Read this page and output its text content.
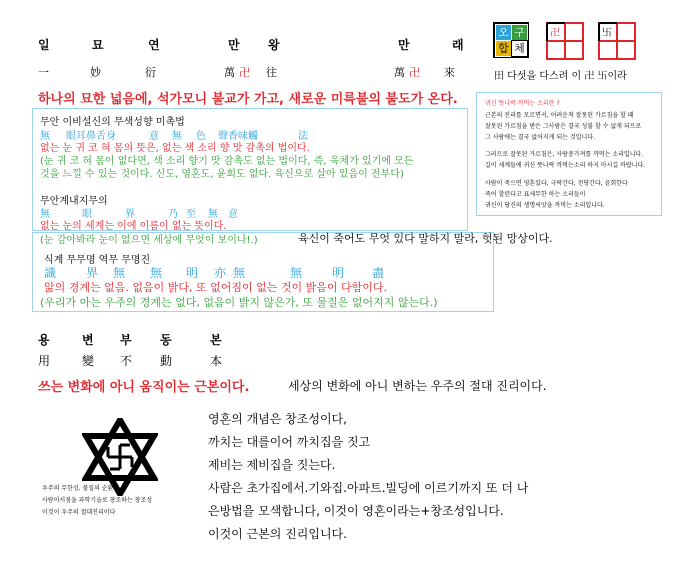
일	묘	연	만 왕	만	래
一	妙	衍	萬 卍 往	萬 卍 來
오 구
합 체
卍	卐
田 다섯을 다스려 이 卍 卐이라
하나의 묘한 넓음에, 석가모니 불교가 가고, 새로운 미륵불의 불도가 온다.
무안 이비설신의 무색성향 미촉법
無 眼耳鼻舌身	意 無 色 聲香味觸	法
없는 눈 귀 코 혀 몸의 뜻은, 없는 색 소리 향 맛 감촉의 법이다.
(눈 귀 코 혀 몸이 없다면, 색 소리 향기 맛 감촉도 없는 법이다, 즉, 육체가 있기에 모든
것을 느낄 수 있는 것이다. 신도, 영혼도, 윤회도 없다. 육신으로 살아 있음이 전부다)
무안계내지무의
無	眼	界	乃 至 無 意
없는 눈의 세계는 이에 이름이 없는 뜻이다.
(눈 감아봐라 눈이 없으면 세상에 무엇이 보이나!.)	육신이 죽어도 무엇 있다 말하지 말라, 헛된 망상이다.
식계 무무명 역무 무명진
識 界 無 無 明 亦 無	無 明 盡
앎의 경계는 없음. 없음이 밝다, 또 없어짐이 없는 것이 밝음이 다함이다.
(우리가 아는 우주의 경계는 없다, 없음이 밝지 않은가, 또 물질은 없어지지 않는다.)
귀신 뜻나락 까먹는 소리란 ?
근본의 진리를 모르면서, 어려운척 잘못된 가르침을 할 때
잘못된 가르침을 받은 그사람은 결국 성불 할 수 없게 되므로
그 사람에는 결국 없어지게 되는 것입니다.
그러므로 잘못된 가르침은, 사람중가져를 까먹는 소리입니다.
길이 세계들에 귀신 뜻나락 까먹는소리 하지 마시길 바랍니다.
사람이 죽으면 영혼있다, 극락간다, 천당간다, 윤회한다
죽어 할린다고 표세무한 하는 소리들이
귀신이 당신의 생명씨앗을 까먹는 소리입니다.
용	변 부 동	본
用	變 不 動	本
쓰는 변화에 아니 움직이는 근본이다.	세상의 변화에 아니 변하는 우주의 절대 진리이다.
우주의 무한성, 물질의 순환성,
사람이서점을 과학기술로 창조하는 창조성
이것이 우주의 절대진리이다
영혼의 개념은 창조성이다,
까치는 대를이어 까치집을 짓고
제비는 제비집을 짓는다.
사람은 초가집에서.기와집.아파트.빌딩에 이르기까지 또 더 나
은방법을 모색합니다, 이것이 영혼이라는+창조성입니다.
이것이 근본의 진리입니다.
